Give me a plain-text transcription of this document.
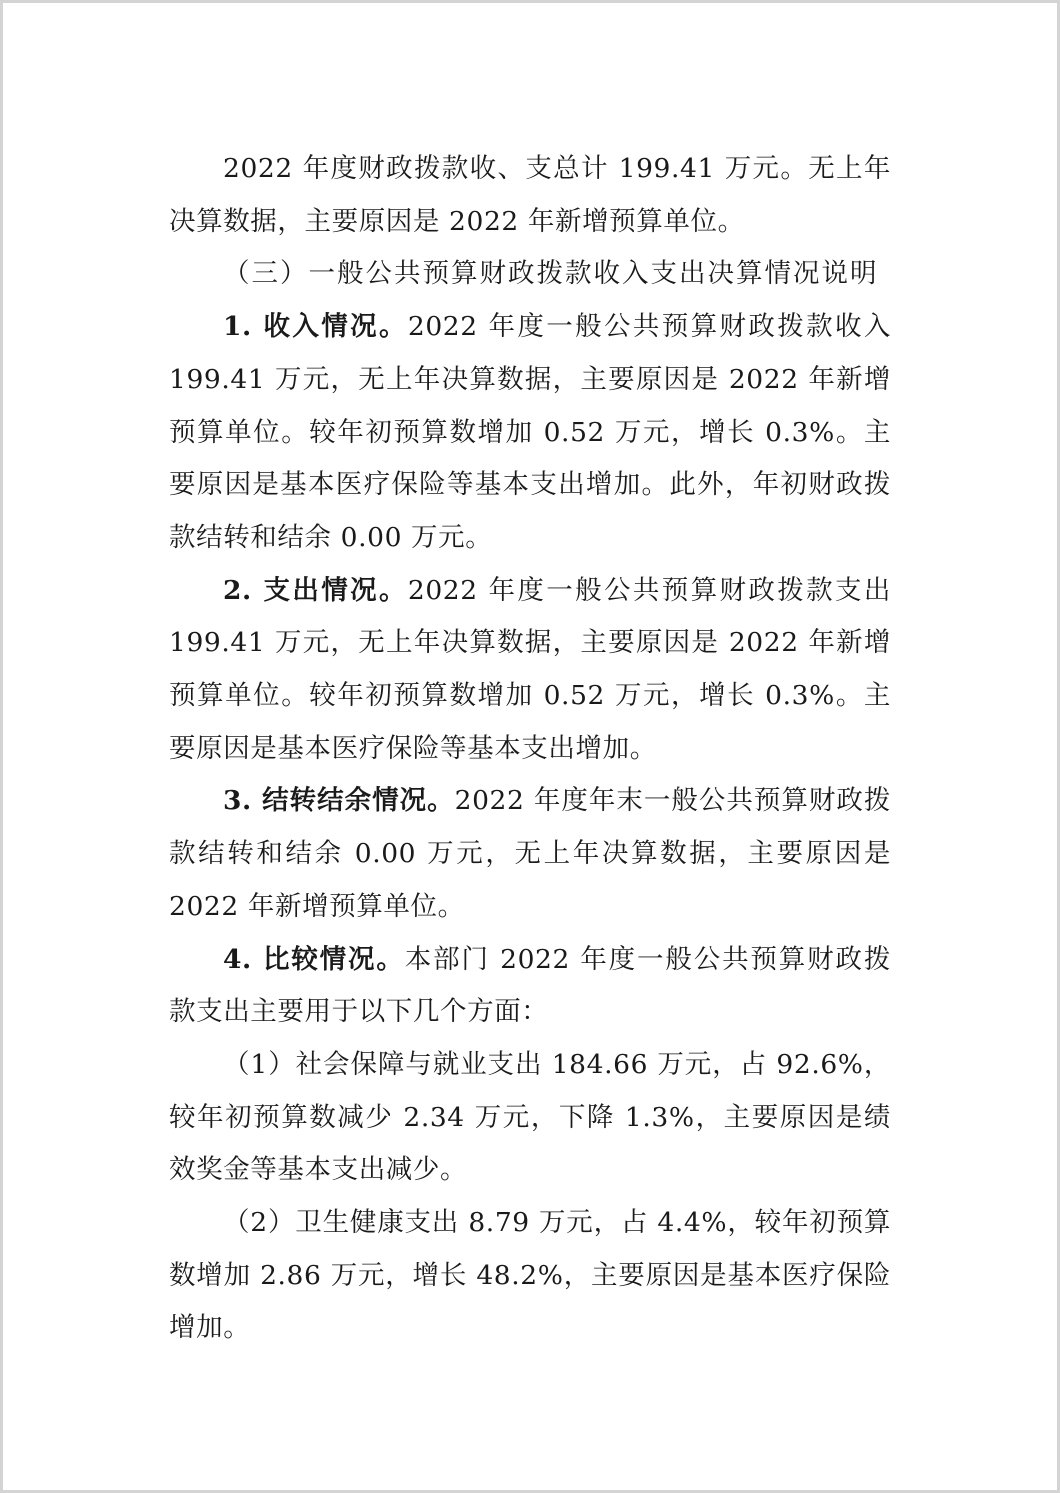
2022 年度财政拨款收、支总计 199.41 万元。无上年决算数据，主要原因是 2022 年新增预算单位。

（三）一般公共预算财政拨款收入支出决算情况说明

1. 收入情况。2022 年度一般公共预算财政拨款收入 199.41 万元，无上年决算数据，主要原因是 2022 年新增预算单位。较年初预算数增加 0.52 万元，增长 0.3%。主要原因是基本医疗保险等基本支出增加。此外，年初财政拨款结转和结余 0.00 万元。

2. 支出情况。2022 年度一般公共预算财政拨款支出 199.41 万元，无上年决算数据，主要原因是 2022 年新增预算单位。较年初预算数增加 0.52 万元，增长 0.3%。主要原因是基本医疗保险等基本支出增加。

3. 结转结余情况。2022 年度年末一般公共预算财政拨款结转和结余 0.00 万元，无上年决算数据，主要原因是 2022 年新增预算单位。

4. 比较情况。本部门 2022 年度一般公共预算财政拨款支出主要用于以下几个方面：

（1）社会保障与就业支出 184.66 万元，占 92.6%，较年初预算数减少 2.34 万元，下降 1.3%，主要原因是绩效奖金等基本支出减少。

（2）卫生健康支出 8.79 万元，占 4.4%，较年初预算数增加 2.86 万元，增长 48.2%，主要原因是基本医疗保险增加。
